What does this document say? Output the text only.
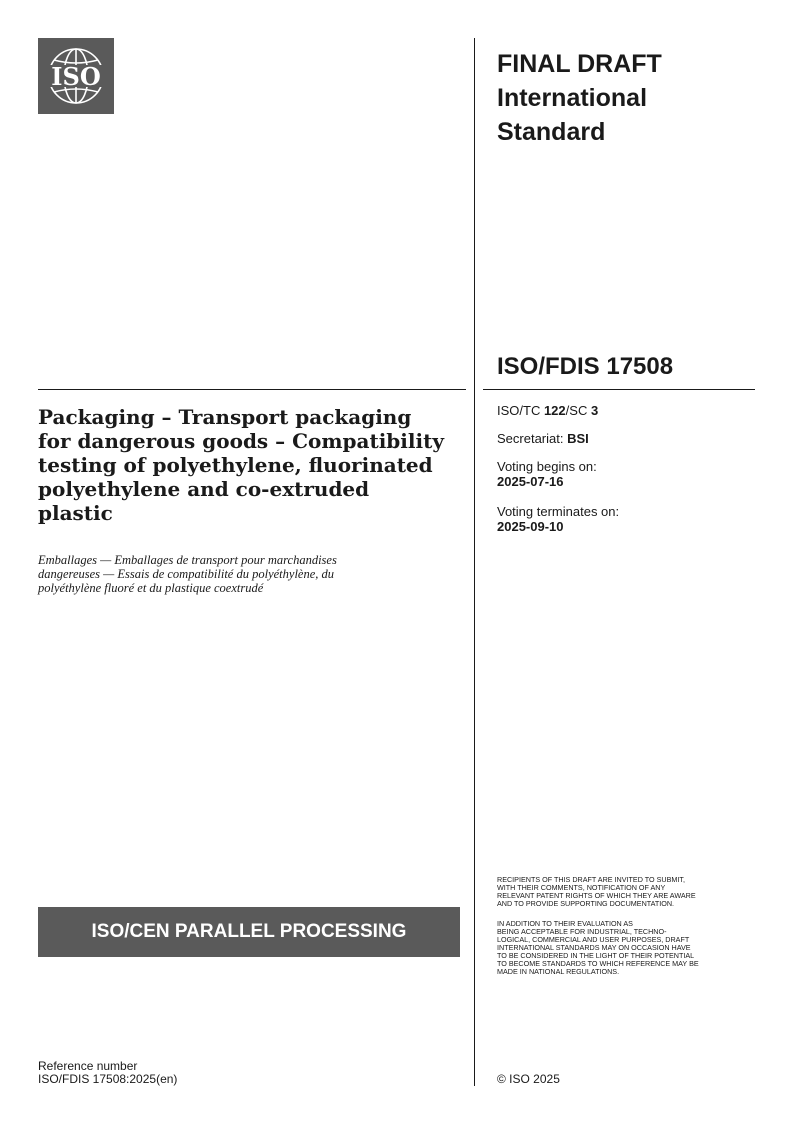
ISO	FINAL DRAFT
International
Standard
ISO/FDIS 17508
ISO/TC 122/SC 3
Secretariat: BSI
Voting begins on:
2025-07-16
Voting terminates on:
2025-09-10
Packaging – Transport packaging
for dangerous goods – Compatibility
testing of polyethylene, fluorinated
polyethylene and co-extruded
plastic
Emballages — Emballages de transport pour marchandises
dangereuses — Essais de compatibilité du polyéthylène, du
polyéthylène fluoré et du plastique coextrudé
ISO/CEN PARALLEL PROCESSING

RECIPIENTS OF THIS DRAFT ARE INVITED TO SUBMIT,
WITH THEIR COMMENTS, NOTIFICATION OF ANY
RELEVANT PATENT RIGHTS OF WHICH THEY ARE AWARE
AND TO PROVIDE SUPPORTING DOCUMENTATION.

IN ADDITION TO THEIR EVALUATION AS
BEING ACCEPTABLE FOR INDUSTRIAL, TECHNO-
LOGICAL, COMMERCIAL AND USER PURPOSES, DRAFT
INTERNATIONAL STANDARDS MAY ON OCCASION HAVE
TO BE CONSIDERED IN THE LIGHT OF THEIR POTENTIAL
TO BECOME STANDARDS TO WHICH REFERENCE MAY BE
MADE IN NATIONAL REGULATIONS.

Reference number
ISO/FDIS 17508:2025(en)	© ISO 2025
